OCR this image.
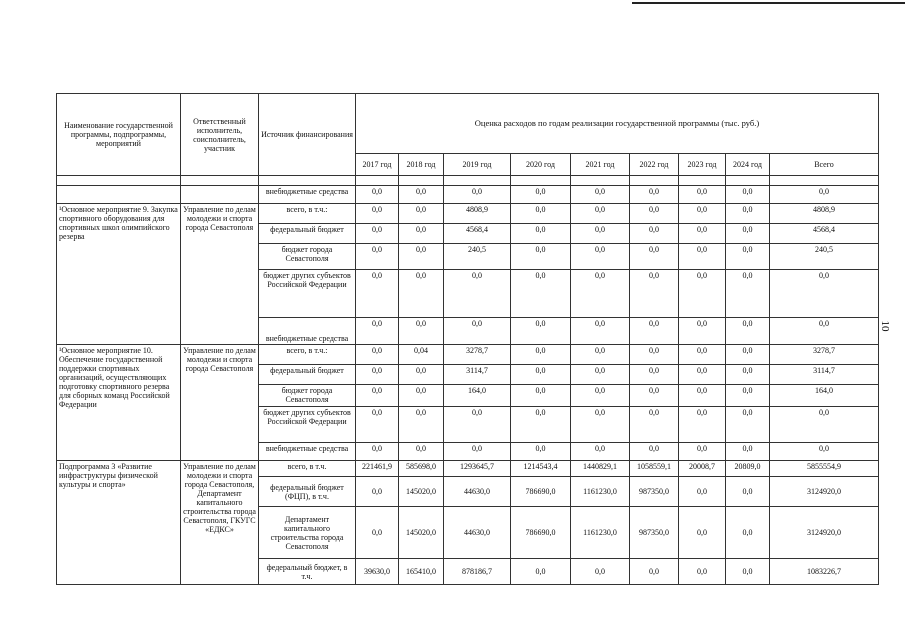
10
Наименование государственной программы, подпрограммы, мероприятий	Ответственный исполнитель, соисполнитель, участник	Источник финансирования	Оценка расходов по годам реализации государственной программы (тыс. руб.)								
			2017 год	2018 год	2019 год	2020 год	2021 год	2022 год	2023 год	2024 год	Всего

		внебюджетные средства	0,0	0,0	0,0	0,0	0,0	0,0	0,0	0,0	0,0
¹Основное мероприятие 9. Закупка спортивного оборудования для спортивных школ олимпийского резерва	Управление по делам молодежи и спорта города Севастополя	всего, в т.ч.:	0,0	0,0	4808,9	0,0	0,0	0,0	0,0	0,0	4808,9
		федеральный бюджет	0,0	0,0	4568,4	0,0	0,0	0,0	0,0	0,0	4568,4
		бюджет города Севастополя	0,0	0,0	240,5	0,0	0,0	0,0	0,0	0,0	240,5
		бюджет других субъектов Российской Федерации	0,0	0,0	0,0	0,0	0,0	0,0	0,0	0,0	0,0
		внебюджетные средства	0,0	0,0	0,0	0,0	0,0	0,0	0,0	0,0	0,0
¹Основное мероприятие 10. Обеспечение государственной поддержки спортивных организаций, осуществляющих подготовку спортивного резерва для сборных команд Российской Федерации	Управление по делам молодежи и спорта города Севастополя	всего, в т.ч.:	0,0	0,04	3278,7	0,0	0,0	0,0	0,0	0,0	3278,7
		федеральный бюджет	0,0	0,0	3114,7	0,0	0,0	0,0	0,0	0,0	3114,7
		бюджет города Севастополя	0,0	0,0	164,0	0,0	0,0	0,0	0,0	0,0	164,0
		бюджет других субъектов Российской Федерации	0,0	0,0	0,0	0,0	0,0	0,0	0,0	0,0	0,0
		внебюджетные средства	0,0	0,0	0,0	0,0	0,0	0,0	0,0	0,0	0,0
Подпрограмма 3 «Развитие инфраструктуры физической культуры и спорта»	Управление по делам молодежи и спорта города Севастополя, Департамент капитального строительства города Севастополя, ГКУГС «ЕДКС»	всего, в т.ч.	221461,9	585698,0	1293645,7	1214543,4	1440829,1	1058559,1	20008,7	20809,0	5855554,9
		федеральный бюджет (ФЦП), в т.ч.	0,0	145020,0	44630,0	786690,0	1161230,0	987350,0	0,0	0,0	3124920,0
		Департамент капитального строительства города Севастополя	0,0	145020,0	44630,0	786690,0	1161230,0	987350,0	0,0	0,0	3124920,0
		федеральный бюджет, в т.ч.	39630,0	165410,0	878186,7	0,0	0,0	0,0	0,0	0,0	1083226,7
